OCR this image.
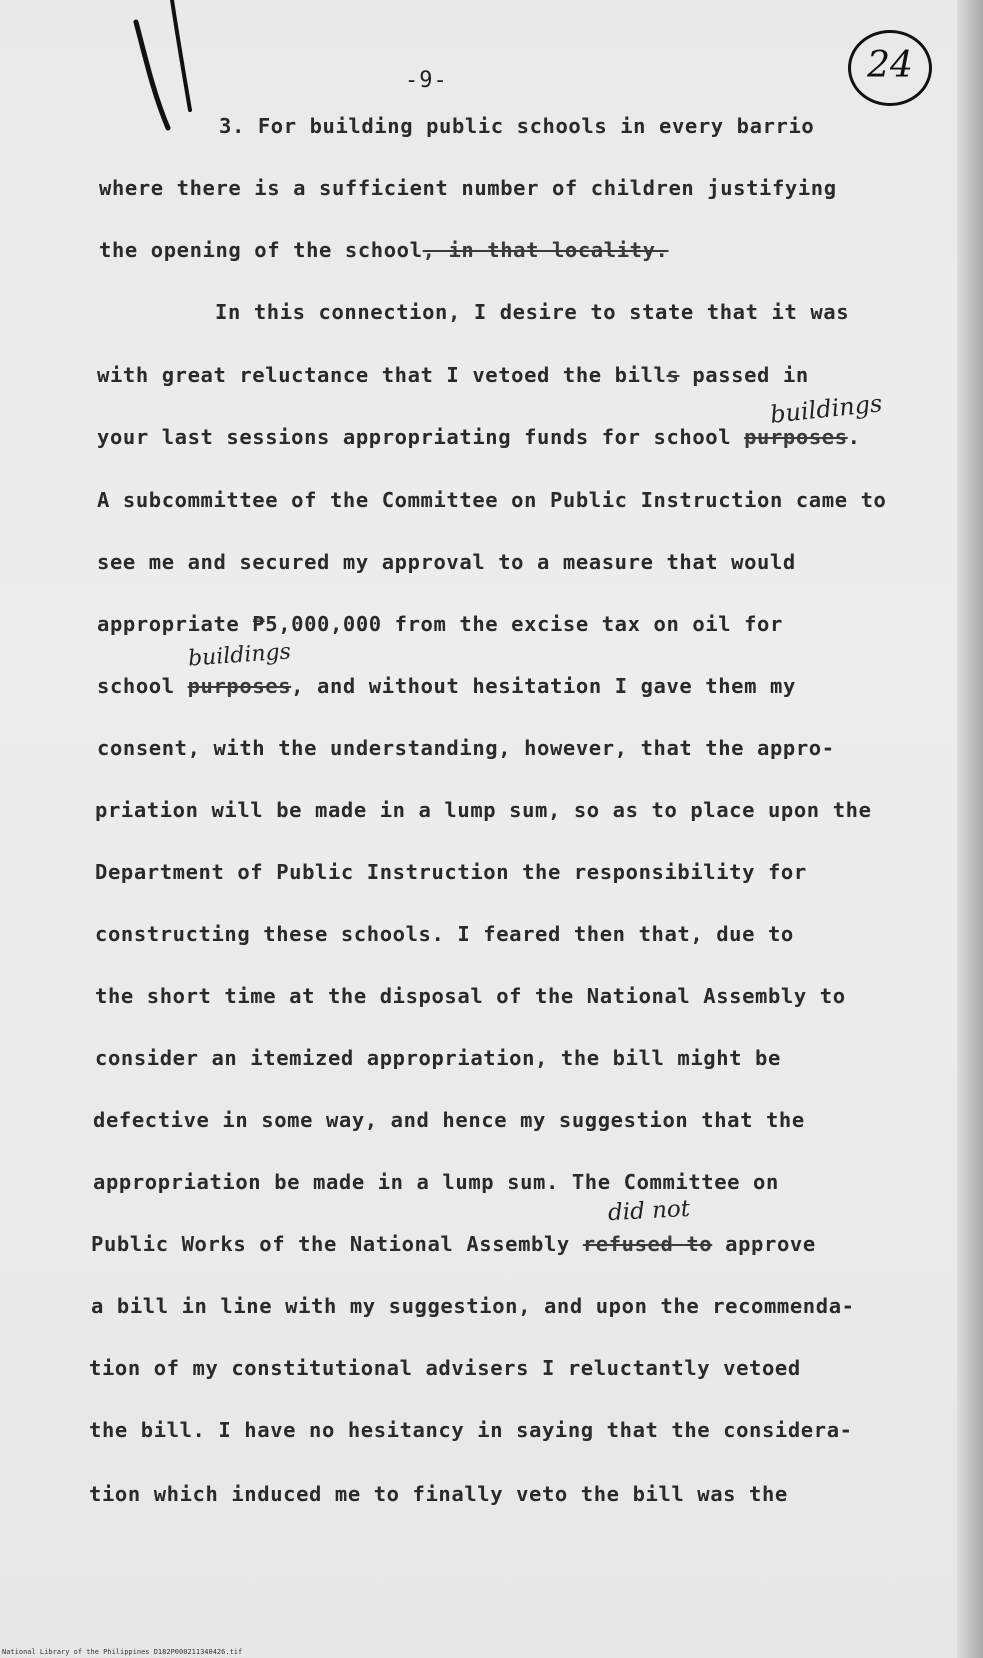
-9-	24
3. For building public schools in every barrio
where there is a sufficient number of children justifying
the opening of the school, in that locality.
In this connection, I desire to state that it was
with great reluctance that I vetoed the bills passed in
your last sessions appropriating funds for school purposes.
A subcommittee of the Committee on Public Instruction came to
see me and secured my approval to a measure that would
appropriate ₱5,000,000 from the excise tax on oil for
school purposes, and without hesitation I gave them my
consent, with the understanding, however, that the appro-
priation will be made in a lump sum, so as to place upon the
Department of Public Instruction the responsibility for
constructing these schools. I feared then that, due to
the short time at the disposal of the National Assembly to
consider an itemized appropriation, the bill might be
defective in some way, and hence my suggestion that the
appropriation be made in a lump sum. The Committee on
Public Works of the National Assembly refused to approve
a bill in line with my suggestion, and upon the recommenda-
tion of my constitutional advisers I reluctantly vetoed
the bill. I have no hesitancy in saying that the considera-
tion which induced me to finally veto the bill was the
buildings
buildings
did not
National Library of the Philippines D182P000211340426.tif
